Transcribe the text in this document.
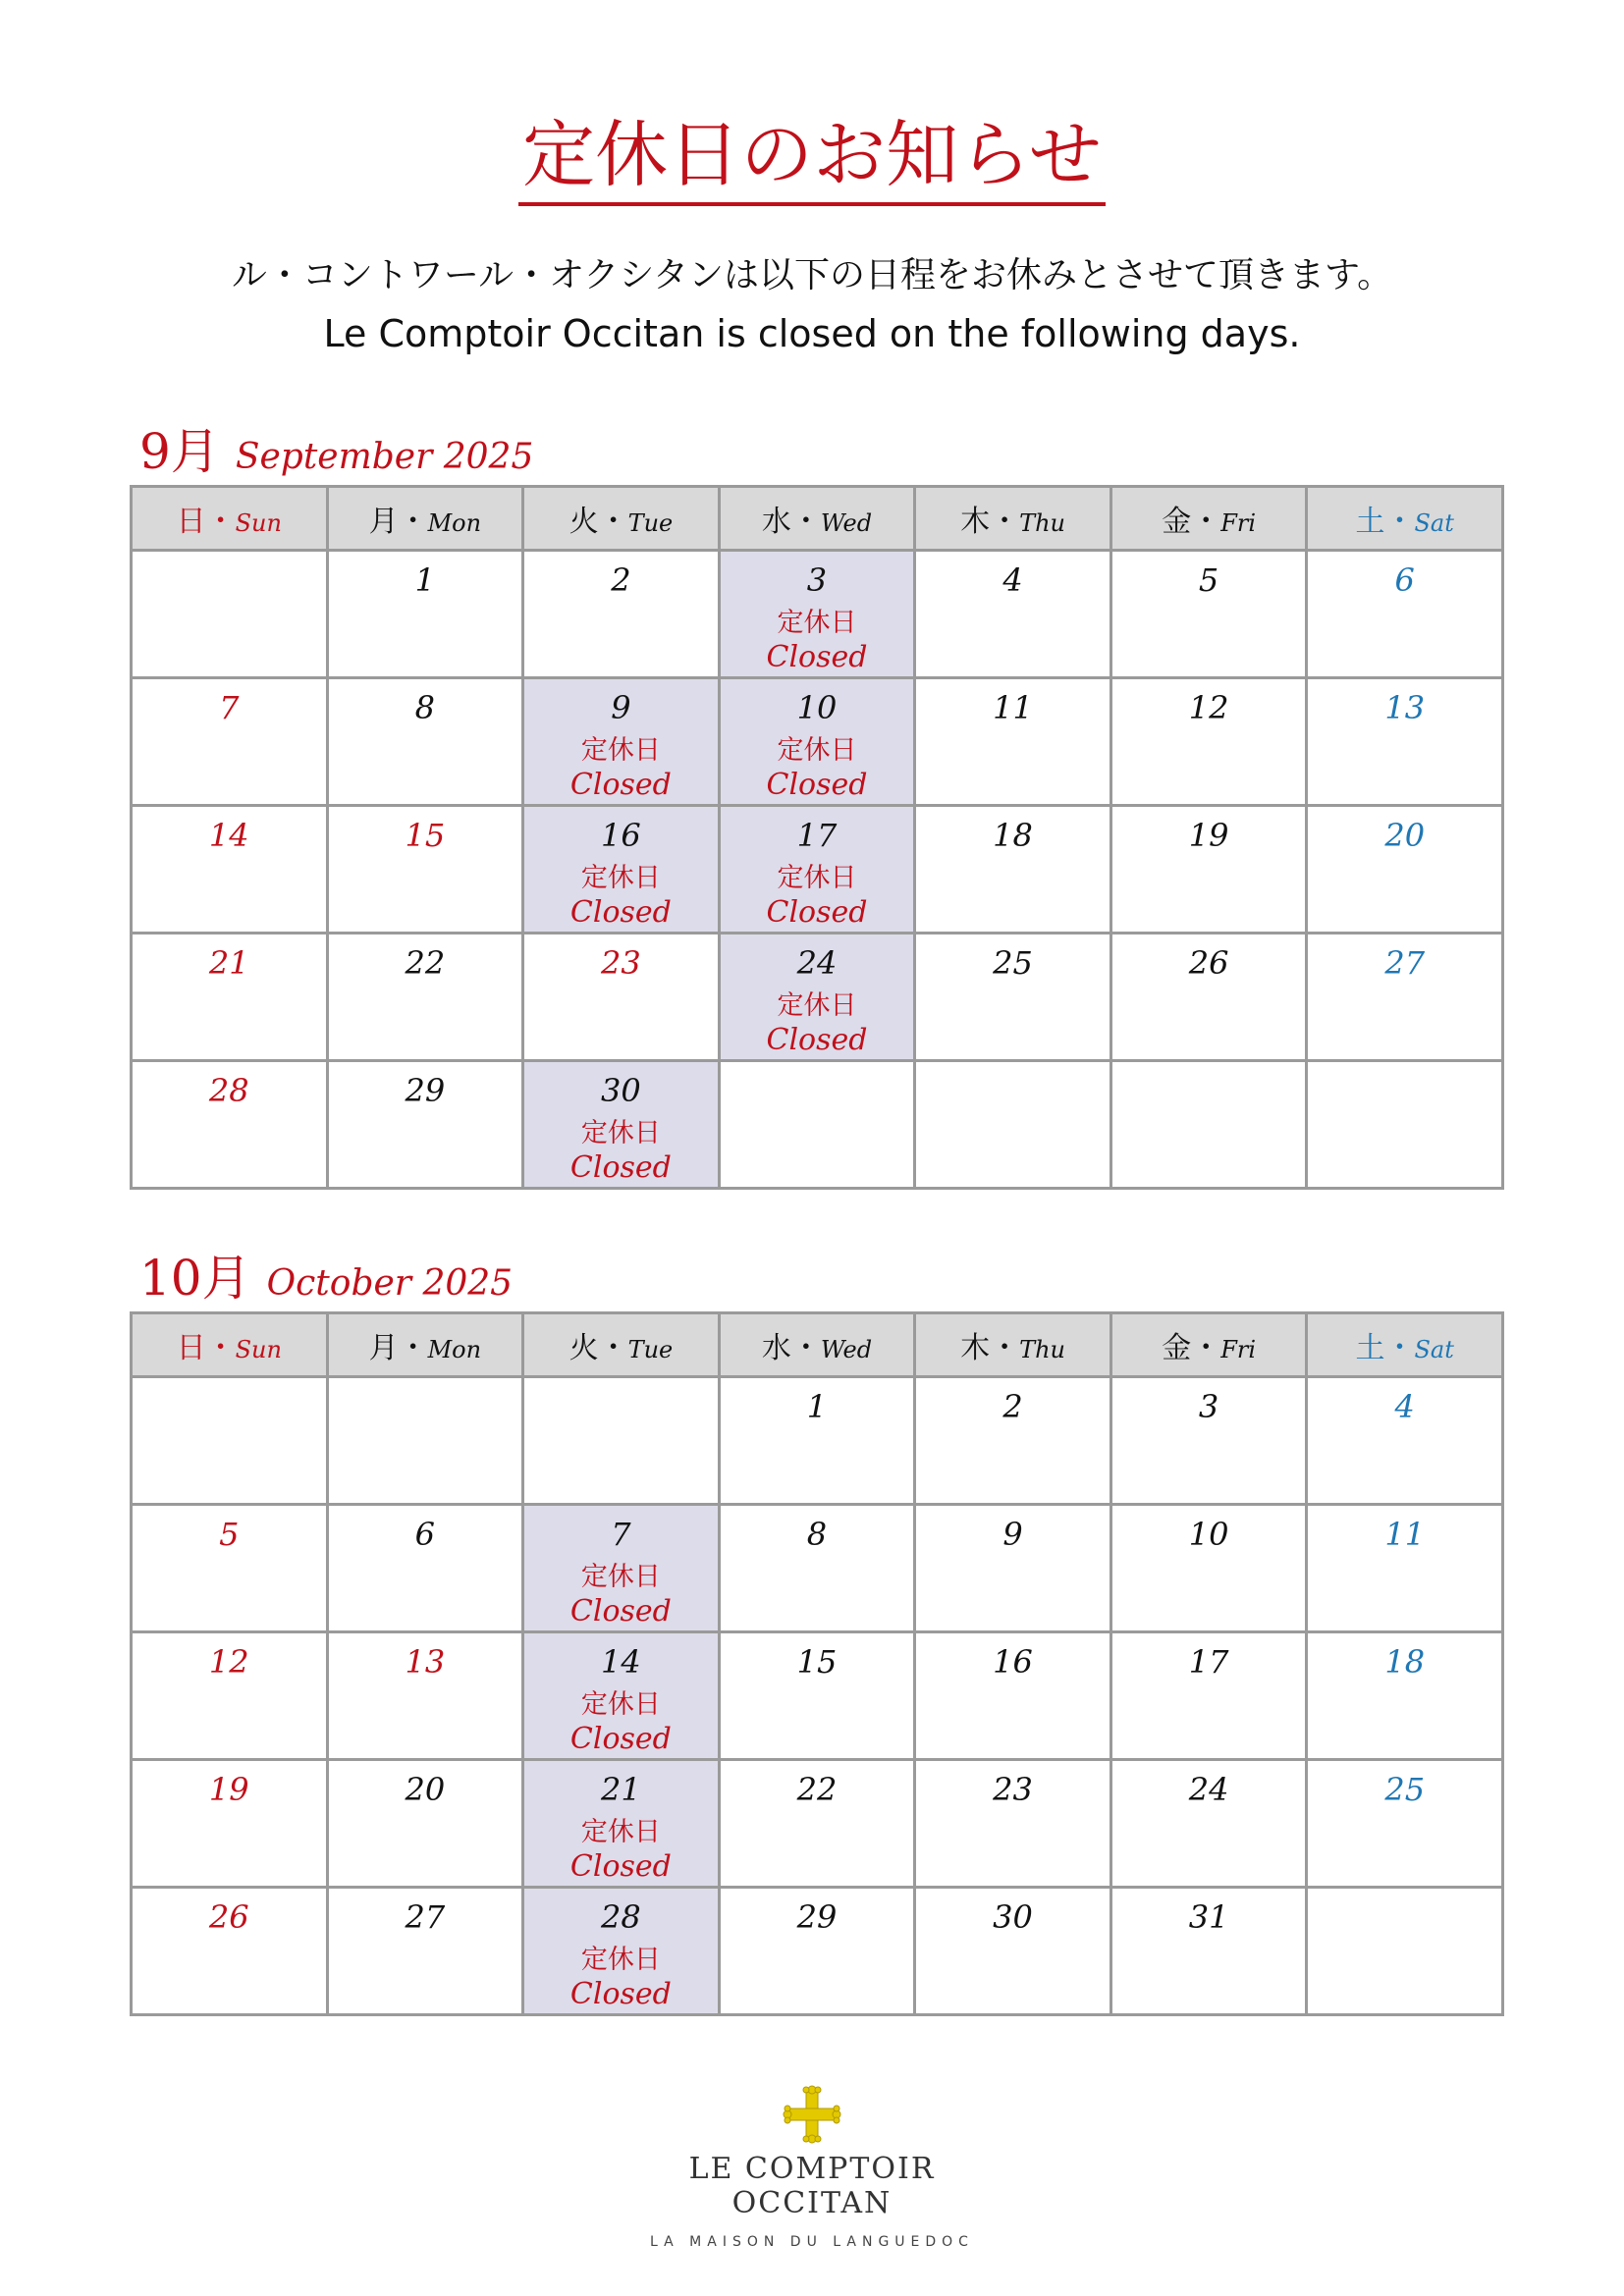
定休日のお知らせ
ル・コントワール・オクシタンは以下の日程をお休みとさせて頂きます。
Le Comptoir Occitan is closed on the following days.
9月 September 2025
日・Sun	月・Mon	火・Tue	水・Wed	木・Thu	金・Fri	土・Sat

	1	2	3
定休日
Closed	4	5	6

7	8	9
定休日
Closed	10
定休日
Closed	11	12	13

14	15	16
定休日
Closed	17
定休日
Closed	18	19	20

21	22	23	24
定休日
Closed	25	26	27

28	29	30
定休日
Closed				

10月 October 2025
日・Sun	月・Mon	火・Tue	水・Wed	木・Thu	金・Fri	土・Sat

			1	2	3	4

5	6	7
定休日
Closed	8	9	10	11

12	13	14
定休日
Closed	15	16	17	18

19	20	21
定休日
Closed	22	23	24	25

26	27	28
定休日
Closed	29	30	31	

LE COMPTOIR OCCITAN
LA MAISON DU LANGUEDOC
